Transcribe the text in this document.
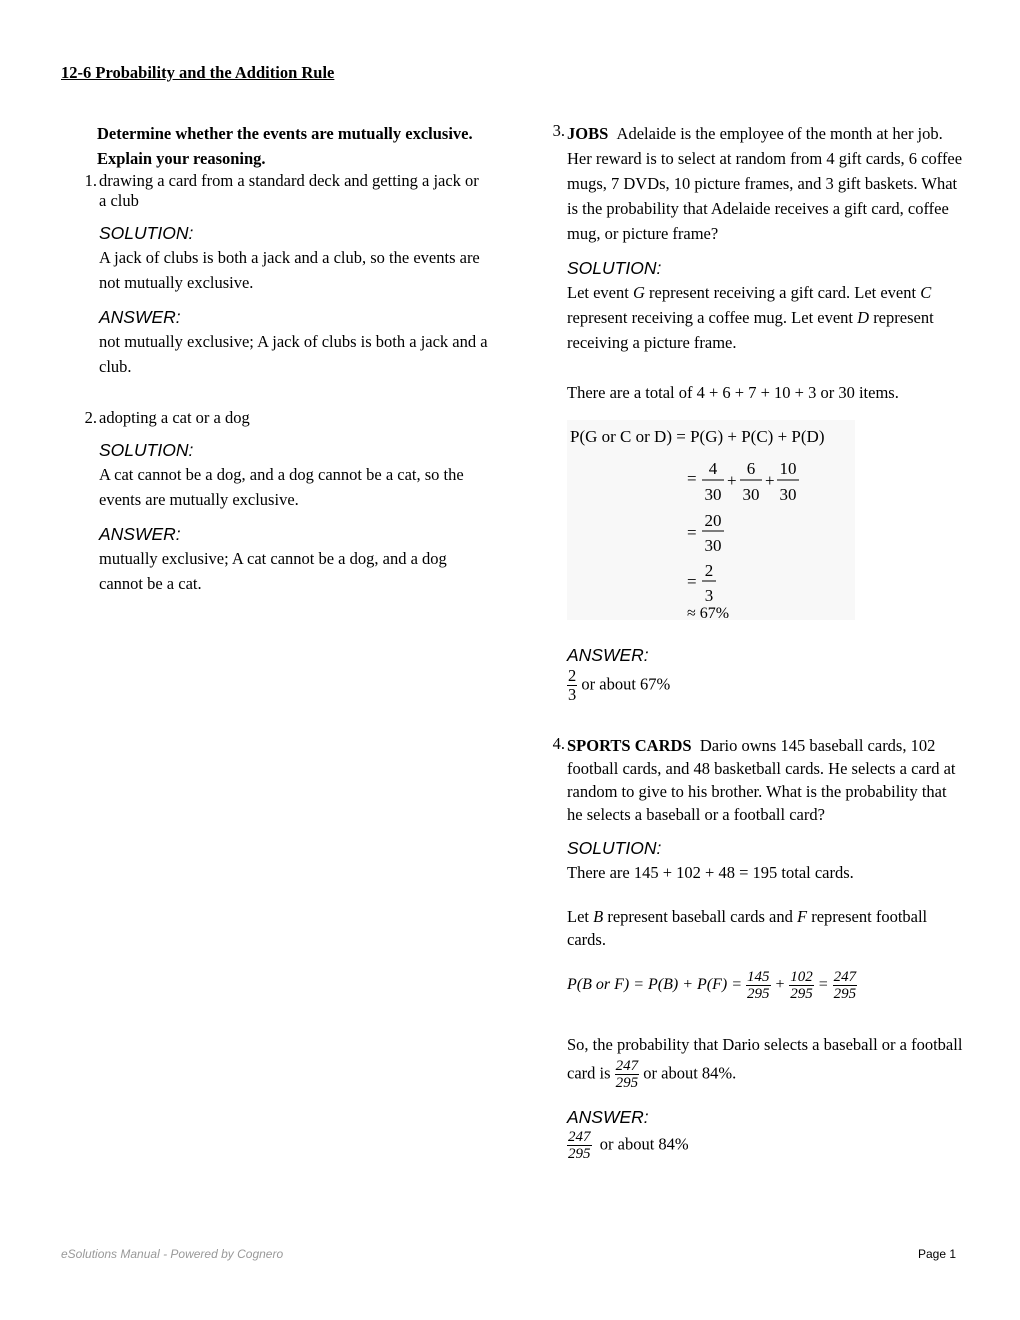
12-6 Probability and the Addition Rule

Determine whether the events are mutually exclusive. Explain your reasoning.

1. drawing a card from a standard deck and getting a jack or a club

SOLUTION:

A jack of clubs is both a jack and a club, so the events are not mutually exclusive.

ANSWER:

not mutually exclusive; A jack of clubs is both a jack and a club.

2. adopting a cat or a dog

SOLUTION:

A cat cannot be a dog, and a dog cannot be a cat, so the events are mutually exclusive.

ANSWER:

mutually exclusive; A cat cannot be a dog, and a dog cannot be a cat.

3. JOBS Adelaide is the employee of the month at her job. Her reward is to select at random from 4 gift cards, 6 coffee mugs, 7 DVDs, 10 picture frames, and 3 gift baskets. What is the probability that Adelaide receives a gift card, coffee mug, or picture frame?

SOLUTION:

Let event G represent receiving a gift card. Let event C represent receiving a coffee mug. Let event D represent receiving a picture frame.

There are a total of 4 + 6 + 7 + 10 + 3 or 30 items.

P(G or C or D) = P(G) + P(C) + P(D)
=
4
30
+
6
30
+
10
30
=
20
30
=
2
3
≈ 67%

ANSWER:

$\frac{2}{3}$ or about 67%

4. SPORTS CARDS Dario owns 145 baseball cards, 102 football cards, and 48 basketball cards. He selects a card at random to give to his brother. What is the probability that he selects a baseball or a football card?

SOLUTION:

There are 145 + 102 + 48 = 195 total cards.

Let B represent baseball cards and F represent football cards.

P(B or $F) = P(B) + P(F) = \frac{145}{295} + \frac{102}{295} = \frac{247}{295}$

So, the probability that Dario selects a baseball or a football card is $\frac{247}{295}$ or about 84%.

ANSWER:

$\frac{247}{295}$ or about 84%

eSolutions Manual - Powered by Cognero	Page 1
